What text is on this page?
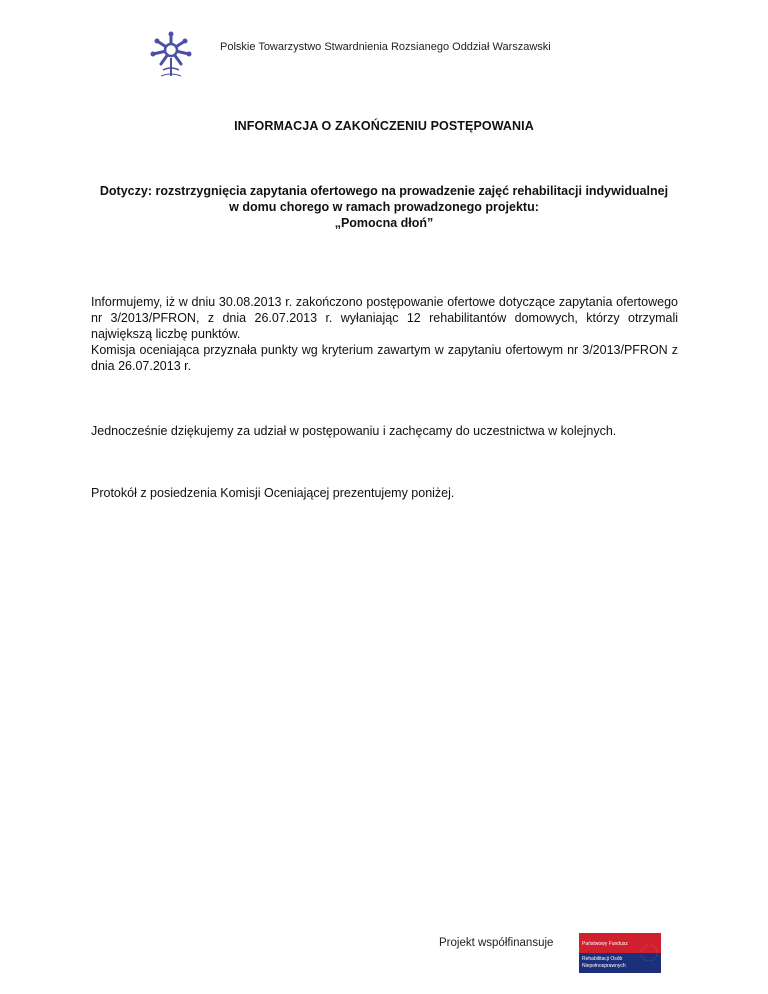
Polskie Towarzystwo Stwardnienia Rozsianego Oddział Warszawski
INFORMACJA O ZAKOŃCZENIU POSTĘPOWANIA
Dotyczy: rozstrzygnięcia zapytania ofertowego na prowadzenie zajęć rehabilitacji indywidualnej
w domu chorego w ramach prowadzonego projektu:
„Pomocna dłoń”
Informujemy, iż w dniu 30.08.2013 r. zakończono postępowanie ofertowe dotyczące zapytania ofertowego nr 3/2013/PFRON, z dnia 26.07.2013 r. wyłaniając 12 rehabilitantów domowych, którzy otrzymali największą liczbę punktów.
Komisja oceniająca przyznała punkty wg kryterium zawartym w zapytaniu ofertowym nr 3/2013/PFRON z dnia 26.07.2013 r.
Jednocześnie dziękujemy za udział w postępowaniu i zachęcamy do uczestnictwa w kolejnych.
Protokół z posiedzenia Komisji Oceniającej prezentujemy poniżej.
Projekt współfinansuje	Państwowy Fundusz
Rehabilitacji Osób
Niepełnosprawnych
